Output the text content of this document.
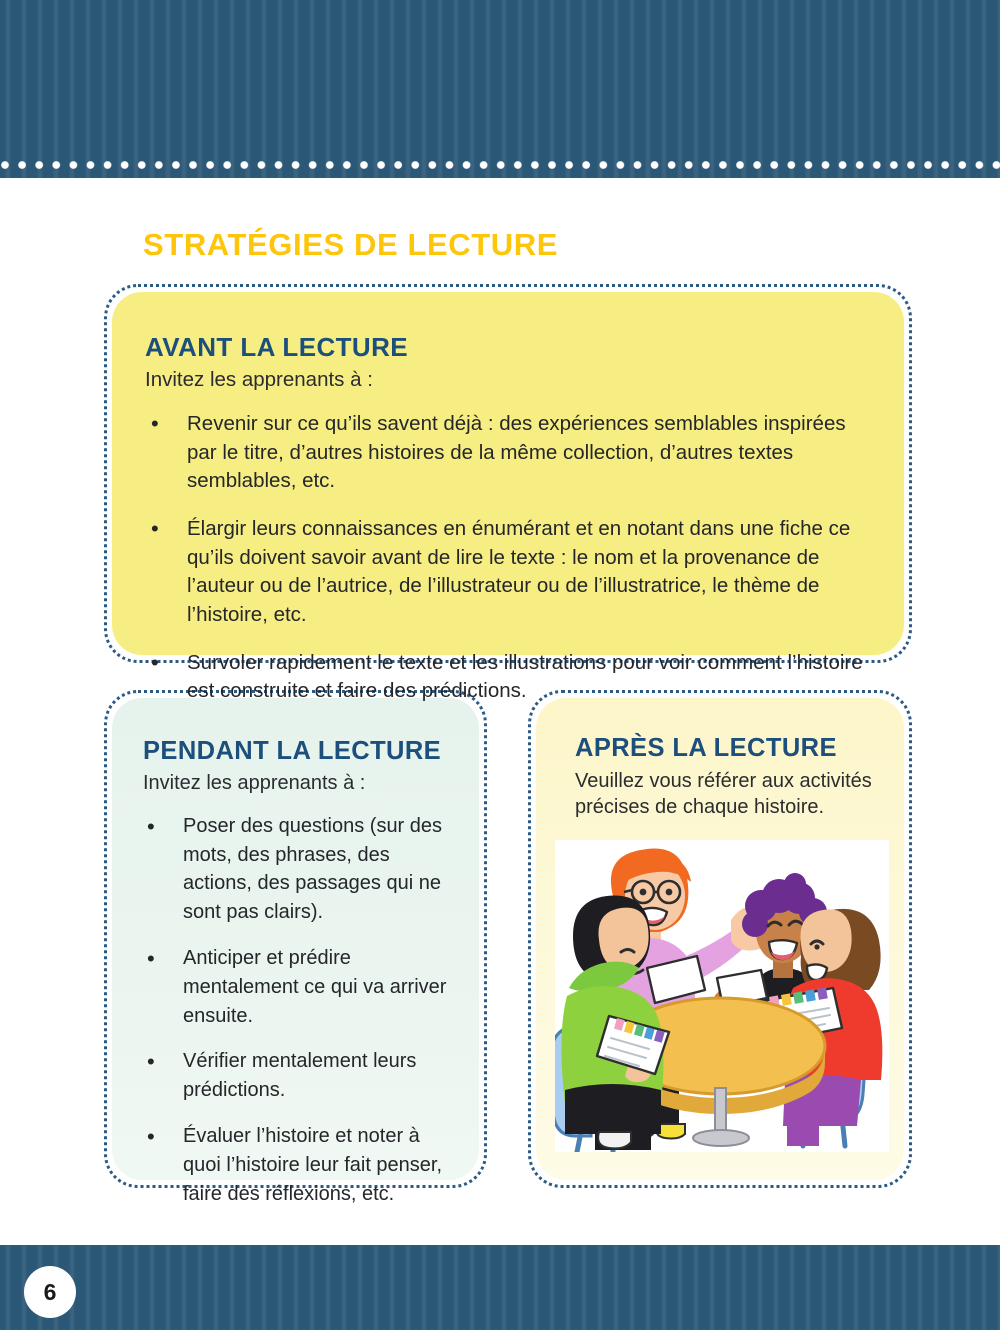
STRATÉGIES DE LECTURE
AVANT LA LECTURE
Invitez les apprenants à :
• Revenir sur ce qu’ils savent déjà : des expériences semblables inspirées par le titre, d’autres histoires de la même collection, d’autres textes semblables, etc.
• Élargir leurs connaissances en énumérant et en notant dans une fiche ce qu’ils doivent savoir avant de lire le texte : le nom et la provenance de l’auteur ou de l’autrice, de l’illustrateur ou de l’illustratrice, le thème de l’histoire, etc.
• Survoler rapidement le texte et les illustrations pour voir comment l’histoire est construite et faire des prédictions.
PENDANT LA LECTURE
Invitez les apprenants à :
• Poser des questions (sur des mots, des phrases, des actions, des passages qui ne sont pas clairs).
• Anticiper et prédire mentalement ce qui va arriver ensuite.
• Vérifier mentalement leurs prédictions.
• Évaluer l’histoire et noter à quoi l’histoire leur fait penser, faire des réflexions, etc.
APRÈS LA LECTURE
Veuillez vous référer aux activités précises de chaque histoire.
6
